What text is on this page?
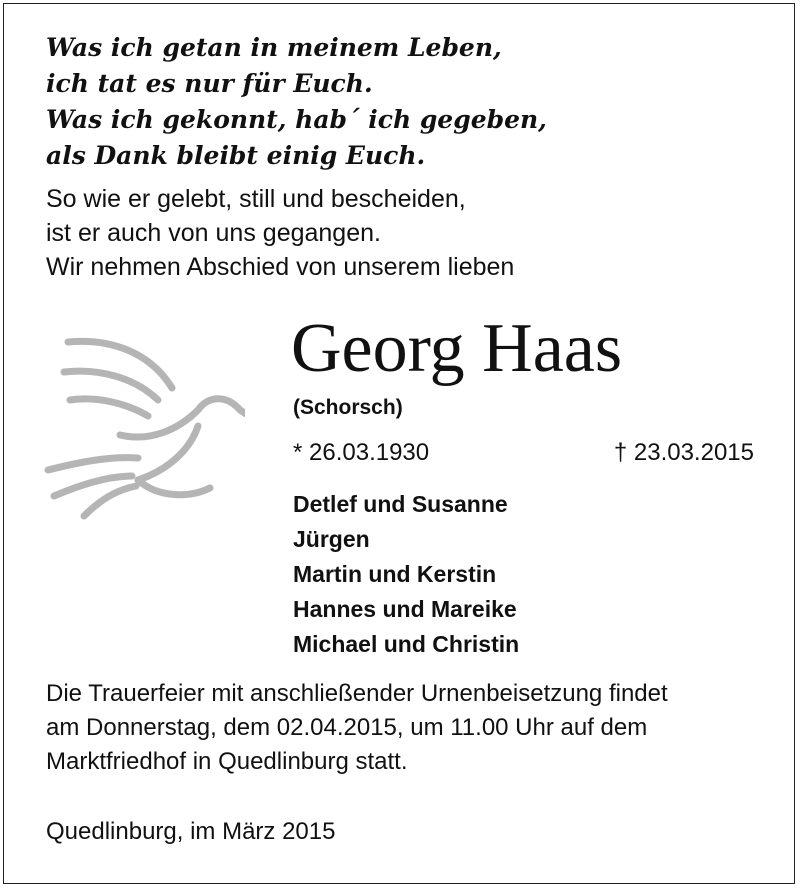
Was ich getan in meinem Leben,
ich tat es nur für Euch.
Was ich gekonnt, hab´ ich gegeben,
als Dank bleibt einig Euch.
So wie er gelebt, still und bescheiden,
ist er auch von uns gegangen.
Wir nehmen Abschied von unserem lieben
Georg Haas
(Schorsch)
* 26.03.1930	† 23.03.2015
Detlef und Susanne
Jürgen
Martin und Kerstin
Hannes und Mareike
Michael und Christin
Die Trauerfeier mit anschließender Urnenbeisetzung findet
am Donnerstag, dem 02.04.2015, um 11.00 Uhr auf dem
Marktfriedhof in Quedlinburg statt.
Quedlinburg, im März 2015
